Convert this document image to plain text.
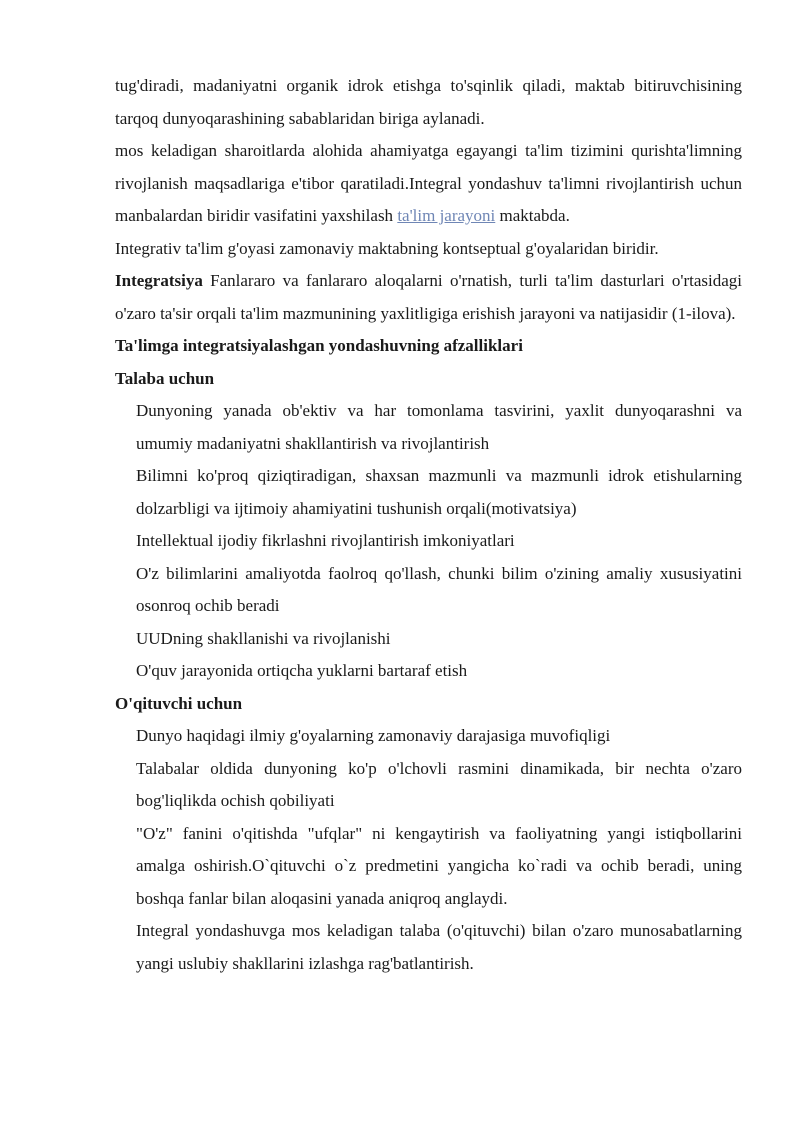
tug'diradi, madaniyatni organik idrok etishga to'sqinlik qiladi, maktab bitiruvchisining tarqoq dunyoqarashining sabablaridan biriga aylanadi.

mos keladigan sharoitlarda alohida ahamiyatga egayangi ta'lim tizimini qurishta'limning rivojlanish maqsadlariga e'tibor qaratiladi.Integral yondashuv ta'limni rivojlantirish uchun manbalardan biridir vasifatini yaxshilash ta'lim jarayoni maktabda.

Integrativ ta'lim g'oyasi zamonaviy maktabning kontseptual g'oyalaridan biridir.

Integratsiya Fanlararo va fanlararo aloqalarni o'rnatish, turli ta'lim dasturlari o'rtasidagi o'zaro ta'sir orqali ta'lim mazmunining yaxlitligiga erishish jarayoni va natijasidir (1-ilova).

Ta'limga integratsiyalashgan yondashuvning afzalliklari

Talaba uchun

Dunyoning yanada ob'ektiv va har tomonlama tasvirini, yaxlit dunyoqarashni va umumiy madaniyatni shakllantirish va rivojlantirish

Bilimni ko'proq qiziqtiradigan, shaxsan mazmunli va mazmunli idrok etishularning dolzarbligi va ijtimoiy ahamiyatini tushunish orqali(motivatsiya)

Intellektual ijodiy fikrlashni rivojlantirish imkoniyatlari

O'z bilimlarini amaliyotda faolroq qo'llash, chunki bilim o'zining amaliy xususiyatini osonroq ochib beradi

UUDning shakllanishi va rivojlanishi

O'quv jarayonida ortiqcha yuklarni bartaraf etish

O'qituvchi uchun

Dunyo haqidagi ilmiy g'oyalarning zamonaviy darajasiga muvofiqligi

Talabalar oldida dunyoning ko'p o'lchovli rasmini dinamikada, bir nechta o'zaro bog'liqlikda ochish qobiliyati

"O'z" fanini o'qitishda "ufqlar" ni kengaytirish va faoliyatning yangi istiqbollarini amalga oshirish.O`qituvchi o`z predmetini yangicha ko`radi va ochib beradi, uning boshqa fanlar bilan aloqasini yanada aniqroq anglaydi.

Integral yondashuvga mos keladigan talaba (o'qituvchi) bilan o'zaro munosabatlarning yangi uslubiy shakllarini izlashga rag'batlantirish.
